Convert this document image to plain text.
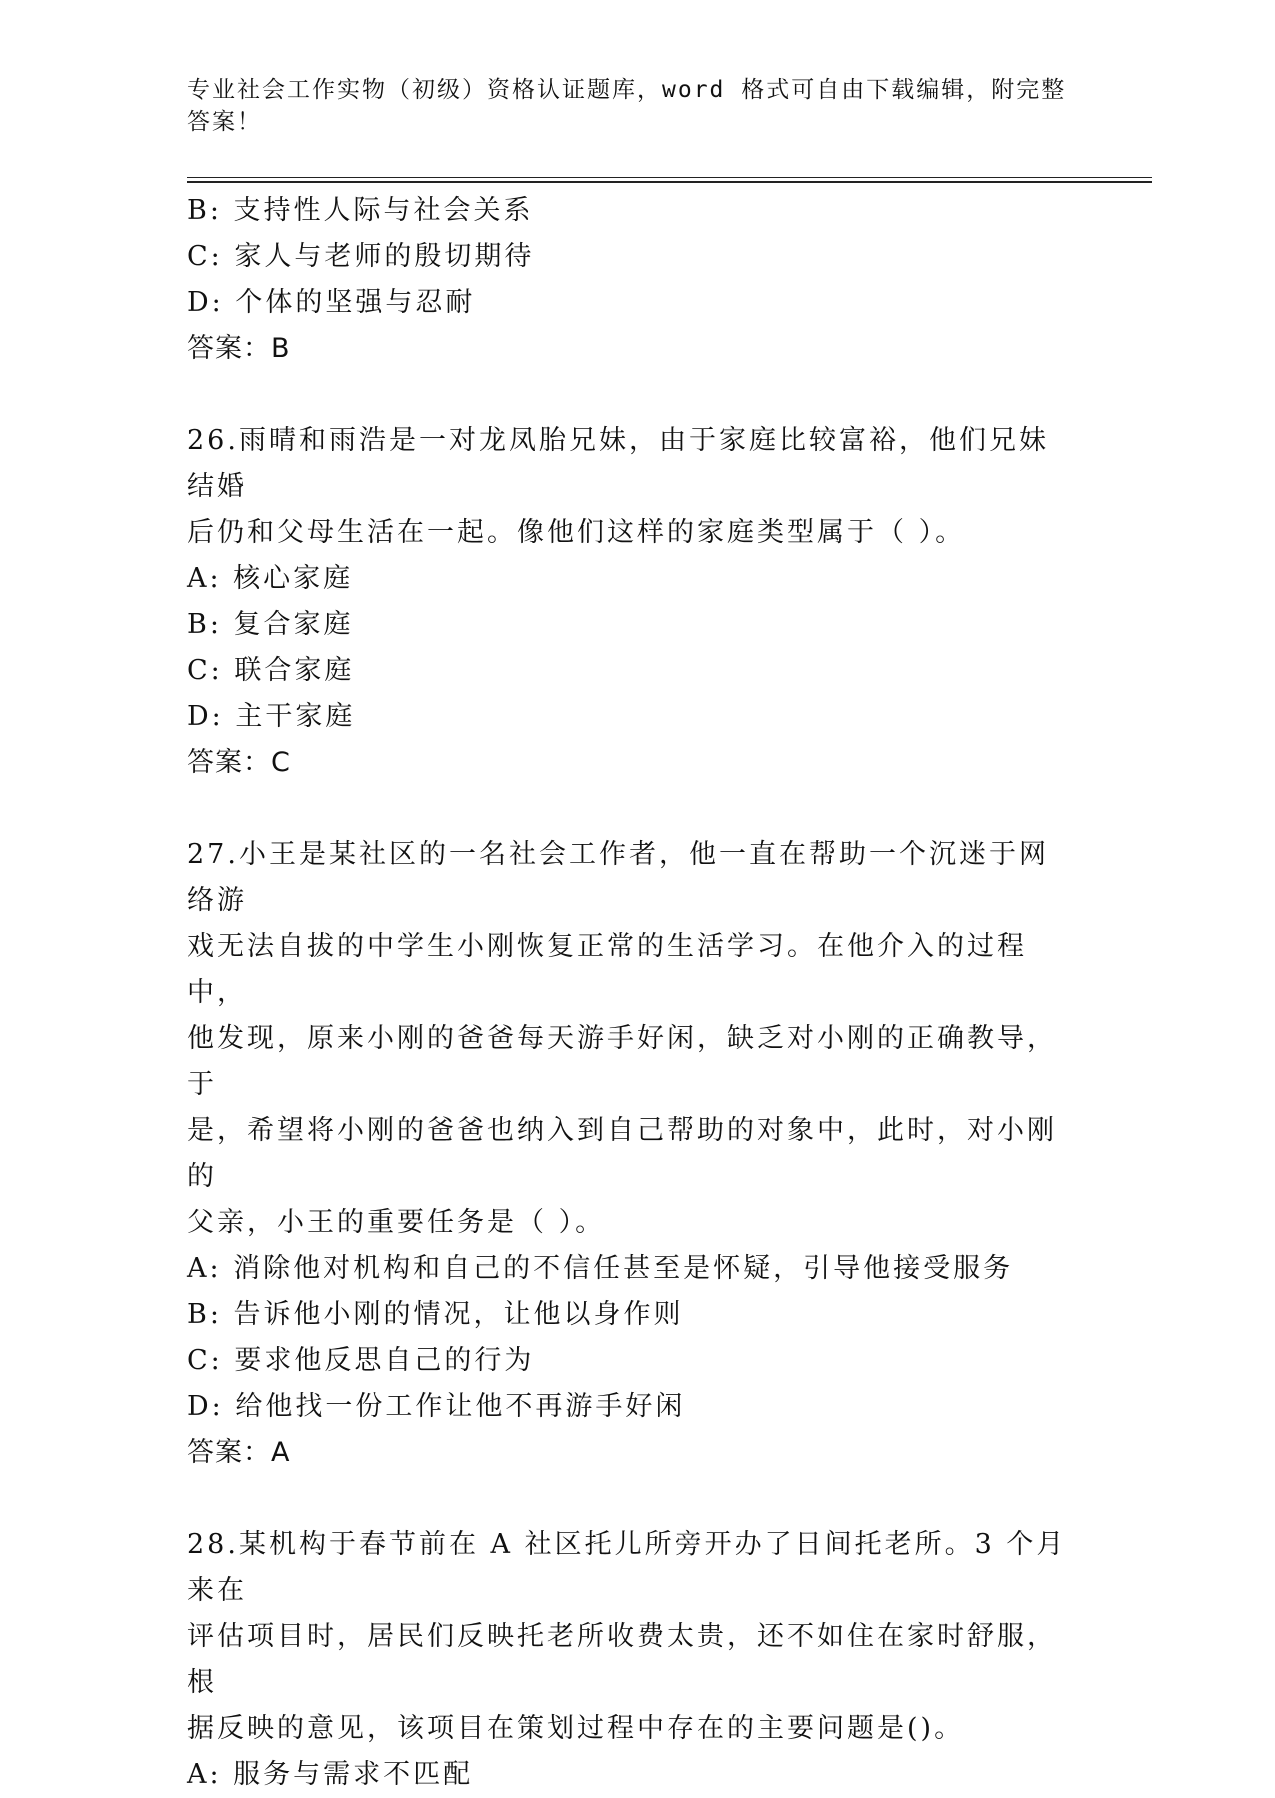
专业社会工作实物（初级）资格认证题库，word 格式可自由下载编辑，附完整答案！
B: 支持性人际与社会关系
C: 家人与老师的殷切期待
D: 个体的坚强与忍耐
答案：B
26.雨晴和雨浩是一对龙凤胎兄妹，由于家庭比较富裕，他们兄妹结婚
后仍和父母生活在一起。像他们这样的家庭类型属于（ ）。
A: 核心家庭
B: 复合家庭
C: 联合家庭
D: 主干家庭
答案：C
27.小王是某社区的一名社会工作者，他一直在帮助一个沉迷于网络游
戏无法自拔的中学生小刚恢复正常的生活学习。在他介入的过程中，
他发现，原来小刚的爸爸每天游手好闲，缺乏对小刚的正确教导，于
是，希望将小刚的爸爸也纳入到自己帮助的对象中，此时，对小刚的
父亲，小王的重要任务是（ ）。
A: 消除他对机构和自己的不信任甚至是怀疑，引导他接受服务
B: 告诉他小刚的情况，让他以身作则
C: 要求他反思自己的行为
D: 给他找一份工作让他不再游手好闲
答案：A
28.某机构于春节前在 A 社区托儿所旁开办了日间托老所。3 个月来在
评估项目时，居民们反映托老所收费太贵，还不如住在家时舒服，根
据反映的意见，该项目在策划过程中存在的主要问题是()。
A: 服务与需求不匹配
